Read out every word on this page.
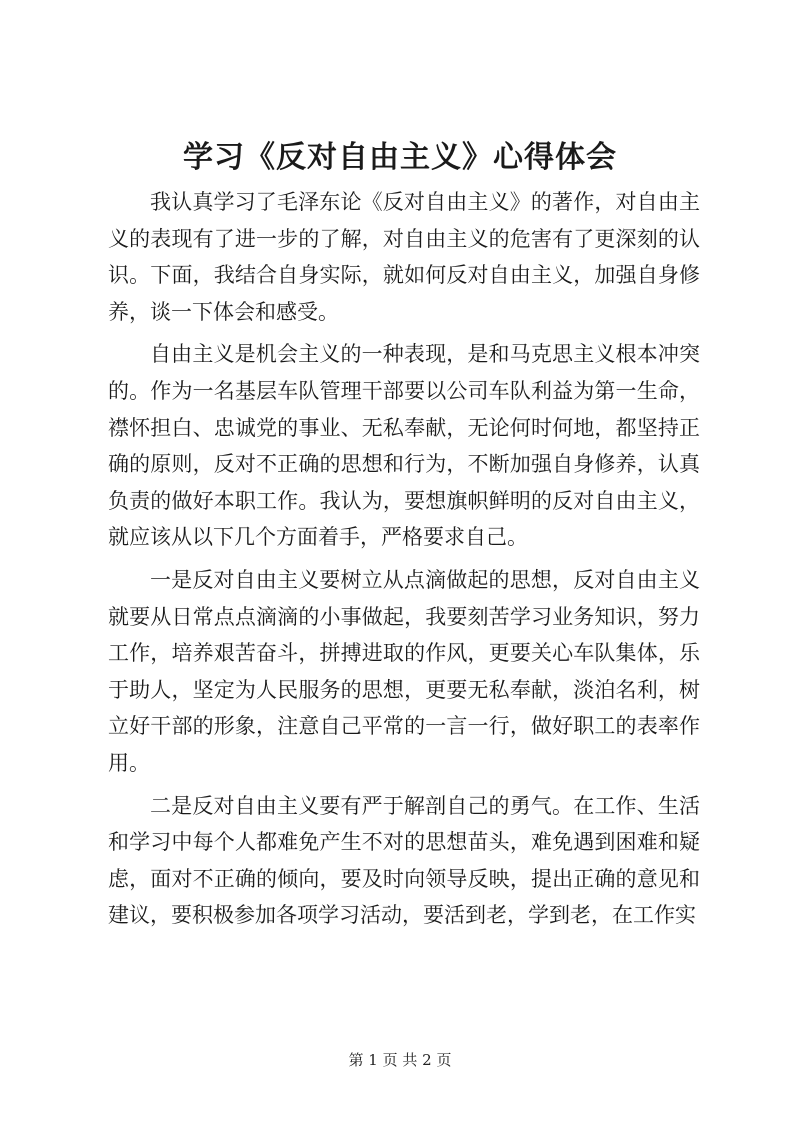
学习《反对自由主义》心得体会

我认真学习了毛泽东论《反对自由主义》的著作，对自由主义的表现有了进一步的了解，对自由主义的危害有了更深刻的认识。下面，我结合自身实际，就如何反对自由主义，加强自身修养，谈一下体会和感受。

自由主义是机会主义的一种表现，是和马克思主义根本冲突的。作为一名基层车队管理干部要以公司车队利益为第一生命，襟怀担白、忠诚党的事业、无私奉献，无论何时何地，都坚持正确的原则，反对不正确的思想和行为，不断加强自身修养，认真负责的做好本职工作。我认为，要想旗帜鲜明的反对自由主义，就应该从以下几个方面着手，严格要求自己。

一是反对自由主义要树立从点滴做起的思想，反对自由主义就要从日常点点滴滴的小事做起，我要刻苦学习业务知识，努力工作，培养艰苦奋斗，拼搏进取的作风，更要关心车队集体，乐于助人，坚定为人民服务的思想，更要无私奉献，淡泊名利，树立好干部的形象，注意自己平常的一言一行，做好职工的表率作用。

二是反对自由主义要有严于解剖自己的勇气。在工作、生活和学习中每个人都难免产生不对的思想苗头，难免遇到困难和疑虑，面对不正确的倾向，要及时向领导反映，提出正确的意见和建议，要积极参加各项学习活动，要活到老，学到老，在工作实

第 1 页 共 2 页
